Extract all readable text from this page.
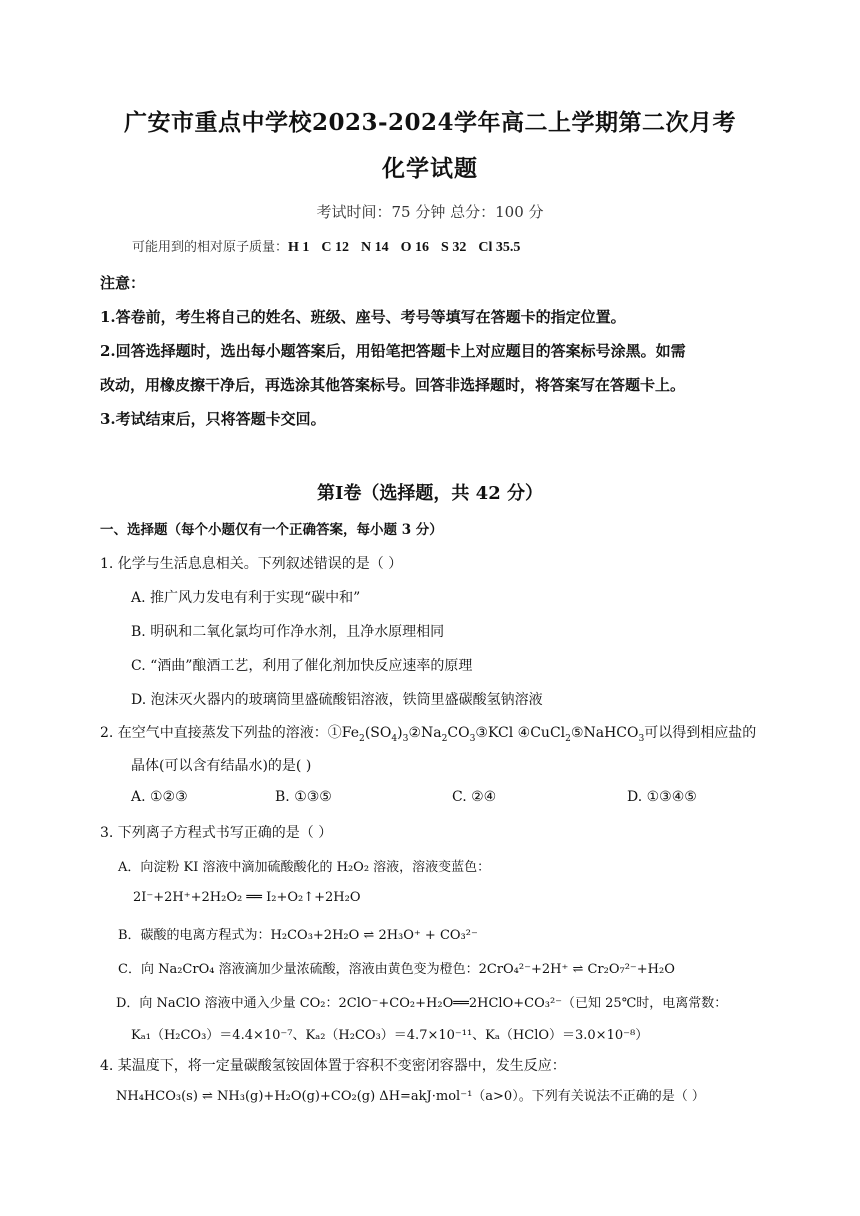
广安市重点中学校2023-2024学年高二上学期第二次月考
化学试题
考试时间：75 分钟 总分：100 分
可能用到的相对原子质量：H 1 C 12 N 14 O 16 S 32 Cl 35.5
注意：
1.答卷前，考生将自己的姓名、班级、座号、考号等填写在答题卡的指定位置。
2.回答选择题时，选出每小题答案后，用铅笔把答题卡上对应题目的答案标号涂黑。如需
改动，用橡皮擦干净后，再选涂其他答案标号。回答非选择题时，将答案写在答题卡上。
3.考试结束后，只将答题卡交回。
第Ⅰ卷（选择题，共 42 分）
一、选择题（每个小题仅有一个正确答案，每小题 3 分）
1. 化学与生活息息相关。下列叙述错误的是（ ）
A. 推广风力发电有利于实现“碳中和”
B. 明矾和二氧化氯均可作净水剂，且净水原理相同
C. “酒曲”酿酒工艺，利用了催化剂加快反应速率的原理
D. 泡沫灭火器内的玻璃筒里盛硫酸铝溶液，铁筒里盛碳酸氢钠溶液
2. 在空气中直接蒸发下列盐的溶液：$①Fe_2(SO_4)_3②Na_2CO_3③KCl$ ④CuCl$_2$⑤NaHCO$_3$可以得到相应盐的
晶体(可以含有结晶水)的是( )
A. ①②③	B. ①③⑤	C. ②④	D. ①③④⑤
3. 下列离子方程式书写正确的是（ ）
A．向淀粉 KI 溶液中滴加硫酸酸化的 H₂O₂ 溶液，溶液变蓝色：
2I⁻+2H⁺+2H₂O₂ ══ I₂+O₂↑+2H₂O
B．碳酸的电离方程式为：H₂CO₃+2H₂O ⇌ 2H₃O⁺ + CO₃²⁻
C．向 Na₂CrO₄ 溶液滴加少量浓硫酸，溶液由黄色变为橙色：2CrO₄²⁻+2H⁺ ⇌ Cr₂O₇²⁻+H₂O
D．向 NaClO 溶液中通入少量 CO₂：2ClO⁻+CO₂+H₂O══2HClO+CO₃²⁻（已知 25℃时，电离常数：
Kₐ₁（H₂CO₃）＝4.4×10⁻⁷、Kₐ₂（H₂CO₃）＝4.7×10⁻¹¹、Kₐ（HClO）＝3.0×10⁻⁸）
4. 某温度下，将一定量碳酸氢铵固体置于容积不变密闭容器中，发生反应：
NH₄HCO₃(s) ⇌ NH₃(g)+H₂O(g)+CO₂(g) ΔH=akJ·mol⁻¹（a>0）。下列有关说法不正确的是（ ）
